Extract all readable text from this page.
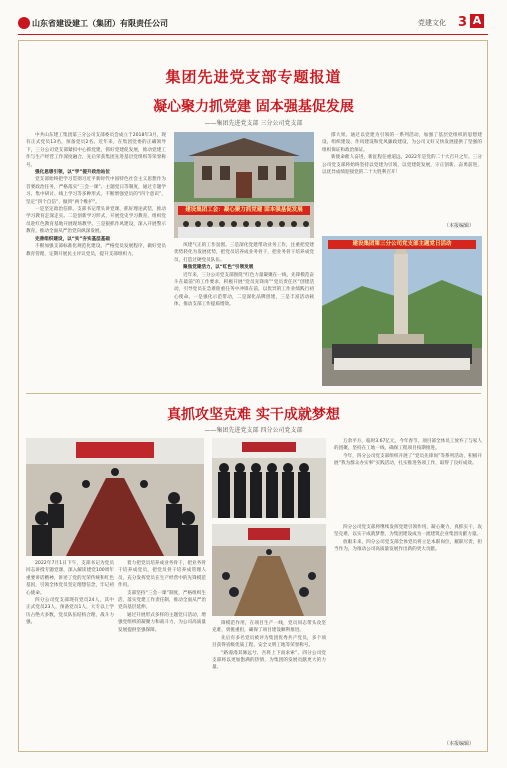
山东省建设建工（集团）有限责任公司	党建文化 3 A
集团先进党支部专题报道
凝心聚力抓党建 固本强基促发展
——集团先进党支部 三分公司党支部

中共山东建工集团第三分公司支部委员会成立于2018年3月，现有正式党员13名，预备党员2名。近年来，在集团党委的正确领导下，三分公司党支部紧扣中心抓党建，抓好党建促发展，推动党建工作与生产经营工作深度融合，先后荣获集团先进基层党组织等荣誉称号。

强化思想引领，以“学”提升政治站位

党支部始终把学习贯彻习近平新时代中国特色社会主义思想作为首要政治任务，严格落实“三会一课”、主题党日等制度，通过专题学习、集中研讨、线上学习等多种形式，不断增强党员的“四个意识”，坚定“四个自信”，做到“两个维护”。

一是坚定政治信仰。支部书记带头讲党课，抓好理论武装，推动学习教育走深走实。二是创新学习形式，开展党史学习教育，组织党员赴红色教育基地开展现场教学。三是狠抓作风建设，深入开展警示教育，推动全面从严治党向纵深发展。

完善组织建设，以“实”夯实基层基础

不断加强支部标准化规范化建设，严格党员发展程序，做好党员教育管理，定期开展民主评议党员，提升支部组织力。

建设集团工会：凝心聚力抓党建 固本强基促发展

凤建气正的工作氛围。三是深化党建带动业务工作，注重把党建优势转化为发展优势，把党员培养成业务骨干，把业务骨干培养成党员，打造过硬党员队伍。

聚焦党建活力，以“红色”引领发展

近年来，三分公司党支部围绕“红色力量凝聚在一线，先锋模范奋斗在最前”的工作要求，积极开展“党员先锋岗”“党员责任区”创建活动，引导党员在急难险重任务中冲锋在前，以优异的工作业绩践行初心使命。一是强化示范带动，二是深化品牌创建，三是丰富活动载体，推动支部工作提质增效。

撑大果。通过以党建为引领的一系列活动，加强了基层党组织的思想建设、组织建设、作风建设和党风廉政建设，为公司又好又快发展提供了坚强的组织保证和政治保证。

新使命催人奋进，新征程任重道远。2022年是党的二十大召开之年。三分公司党支部将始终坚持以党建为引领，以党建促发展，守正创新、奋勇前进，以优异成绩迎接党的二十大胜利召开！

（本报编辑）
建设集团第三分公司党支部主题党日活动
真抓攻坚克难 实干成就梦想
——集团先进党支部 四分公司党支部

万余平方，临时3.67亿元，今年春节，项目部全体员工放弃了与家人的团聚，坚持在工地一线，确保工程项目按期推进。

今年，四分公司党支部组织开展了“党员先锋岗”等系列活动，积极开展“我为群众办实事”实践活动，扎实推进各项工作，取得了良好成效。

2022年7月1日下午，支部书记为党员同志讲授专题党课，深入解读建党100周年重要讲话精神，讲述了党的光荣传统和红色基因，引领全体党员坚定理想信念，牢记初心使命。

四分公司党支部现有党员24人，其中正式党员23人，预备党员1人，大专以上学历占绝大多数，党员队伍结构合理，战斗力强。

着力把党员培养成业务骨干，把业务骨干培养成党员，把党员骨干培养成管理人员，充分发挥党员在生产经营中的先锋模范作用。

支部坚持“三会一课”制度，严格组织生活，落实党建工作责任制，推动全面从严治党向基层延伸。

通过开展形式多样的主题党日活动，增强党组织的凝聚力和战斗力，为公司高质量发展提供坚强保障。

锋模范作用，在项目生产一线，党员同志带头攻坚克难，勇挑重担，确保了项目建设顺利推进。

先后有多名党员被评为集团优秀共产党员，多个项目获得省级优质工程、安全文明工地等荣誉称号。

“路漫漫其修远兮，吾将上下而求索”。四分公司党支部将以更加饱满的热情，为集团的发展贡献更大的力量。

四分公司党支部将继续发挥党建引领作用，凝心聚力，真抓实干，攻坚克难，以实干成就梦想，为集团建设成为一流建筑企业集团贡献力量。

放眼未来，四分公司党支部全体党员将立足本职岗位，履职尽责，担当作为，为推动公司高质量发展作出新的更大贡献。

（本报编辑）
